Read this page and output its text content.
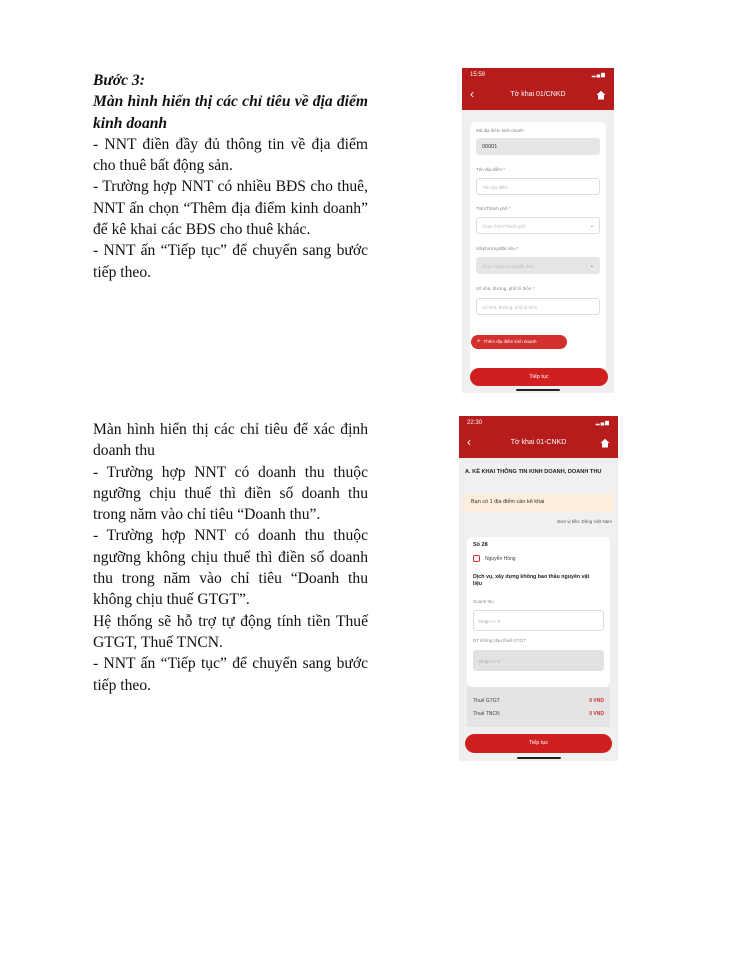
Bước 3:

Màn hình hiển thị các chỉ tiêu về địa điểm kinh doanh

- NNT điền đầy đủ thông tin về địa điểm cho thuê bất động sản.

- Trường hợp NNT có nhiều BĐS cho thuê, NNT ấn chọn “Thêm địa điểm kinh doanh” để kê khai các BĐS cho thuê khác.

- NNT ấn “Tiếp tục” để chuyển sang bước tiếp theo.

Màn hình hiển thị các chỉ tiêu để xác định doanh thu

- Trường hợp NNT có doanh thu thuộc ngưỡng chịu thuế thì điền số doanh thu trong năm vào chỉ tiêu “Doanh thu”.

- Trường hợp NNT có doanh thu thuộc ngưỡng không chịu thuế thì điền số doanh thu trong năm vào chỉ tiêu “Doanh thu không chịu thuế GTGT”.

Hệ thống sẽ hỗ trợ tự động tính tiền Thuế GTGT, Thuế TNCN.

- NNT ấn “Tiếp tục” để chuyển sang bước tiếp theo.

15:59	▂▄▆
‹	Tờ khai 01/CNKD
Mã địa điểm kinh doanh
00001
Tên địa điểm *
Tên địa điểm
Tỉnh/Thành phố *
Chọn Tỉnh/Thành phố	⌄
Xã/phường/đặc khu *
Chọn Xã/phường/đặc khu	⌄
Số nhà, đường, phố tổ thôn *
Số nhà, đường, phố tổ thôn
+ Thêm địa điểm kinh doanh
Tiếp tục
22:30	▂▄▆
‹	Tờ khai 01-CNKD
A. KÊ KHAI THÔNG TIN KINH DOANH, DOANH THU
Bạn có 1 địa điểm cần kê khai
Đơn vị tiền: Đồng Việt Nam
Số 28
Nguyễn Hồng
Dịch vụ, xây dựng không bao thầu nguyên vật liệu
Doanh thu
Nhập >= 0
DT không chịu thuế GTGT
Nhập >= 0
Thuế GTGT	0 VND
Thuế TNCN	0 VND
Tiếp tục
